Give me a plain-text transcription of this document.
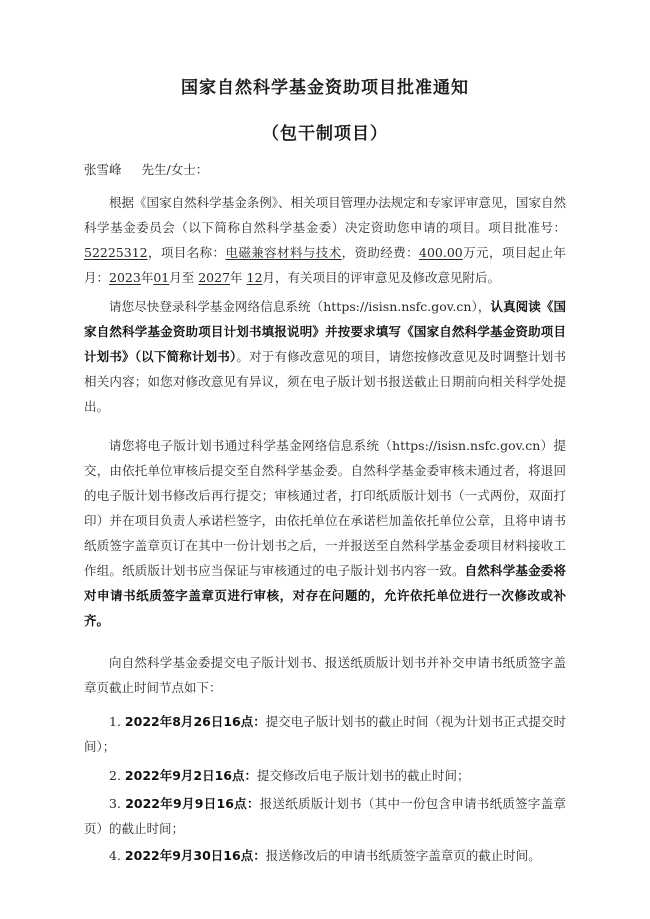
国家自然科学基金资助项目批准通知
（包干制项目）
张雪峰 先生/女士：

根据《国家自然科学基金条例》、相关项目管理办法规定和专家评审意见，国家自然科学基金委员会（以下简称自然科学基金委）决定资助您申请的项目。项目批准号：52225312，项目名称：电磁兼容材料与技术，资助经费：400.00万元，项目起止年月：2023年01月至 2027年 12月，有关项目的评审意见及修改意见附后。

请您尽快登录科学基金网络信息系统（https://isisn.nsfc.gov.cn），认真阅读《国家自然科学基金资助项目计划书填报说明》并按要求填写《国家自然科学基金资助项目计划书》（以下简称计划书）。对于有修改意见的项目，请您按修改意见及时调整计划书相关内容；如您对修改意见有异议，须在电子版计划书报送截止日期前向相关科学处提出。

请您将电子版计划书通过科学基金网络信息系统（https://isisn.nsfc.gov.cn）提交，由依托单位审核后提交至自然科学基金委。自然科学基金委审核未通过者，将退回的电子版计划书修改后再行提交；审核通过者，打印纸质版计划书（一式两份，双面打印）并在项目负责人承诺栏签字，由依托单位在承诺栏加盖依托单位公章，且将申请书纸质签字盖章页订在其中一份计划书之后，一并报送至自然科学基金委项目材料接收工作组。纸质版计划书应当保证与审核通过的电子版计划书内容一致。自然科学基金委将对申请书纸质签字盖章页进行审核，对存在问题的，允许依托单位进行一次修改或补齐。

向自然科学基金委提交电子版计划书、报送纸质版计划书并补交申请书纸质签字盖章页截止时间节点如下：

1. 2022年8月26日16点：提交电子版计划书的截止时间（视为计划书正式提交时间）；

2. 2022年9月2日16点：提交修改后电子版计划书的截止时间；

3. 2022年9月9日16点：报送纸质版计划书（其中一份包含申请书纸质签字盖章页）的截止时间；

4. 2022年9月30日16点：报送修改后的申请书纸质签字盖章页的截止时间。
